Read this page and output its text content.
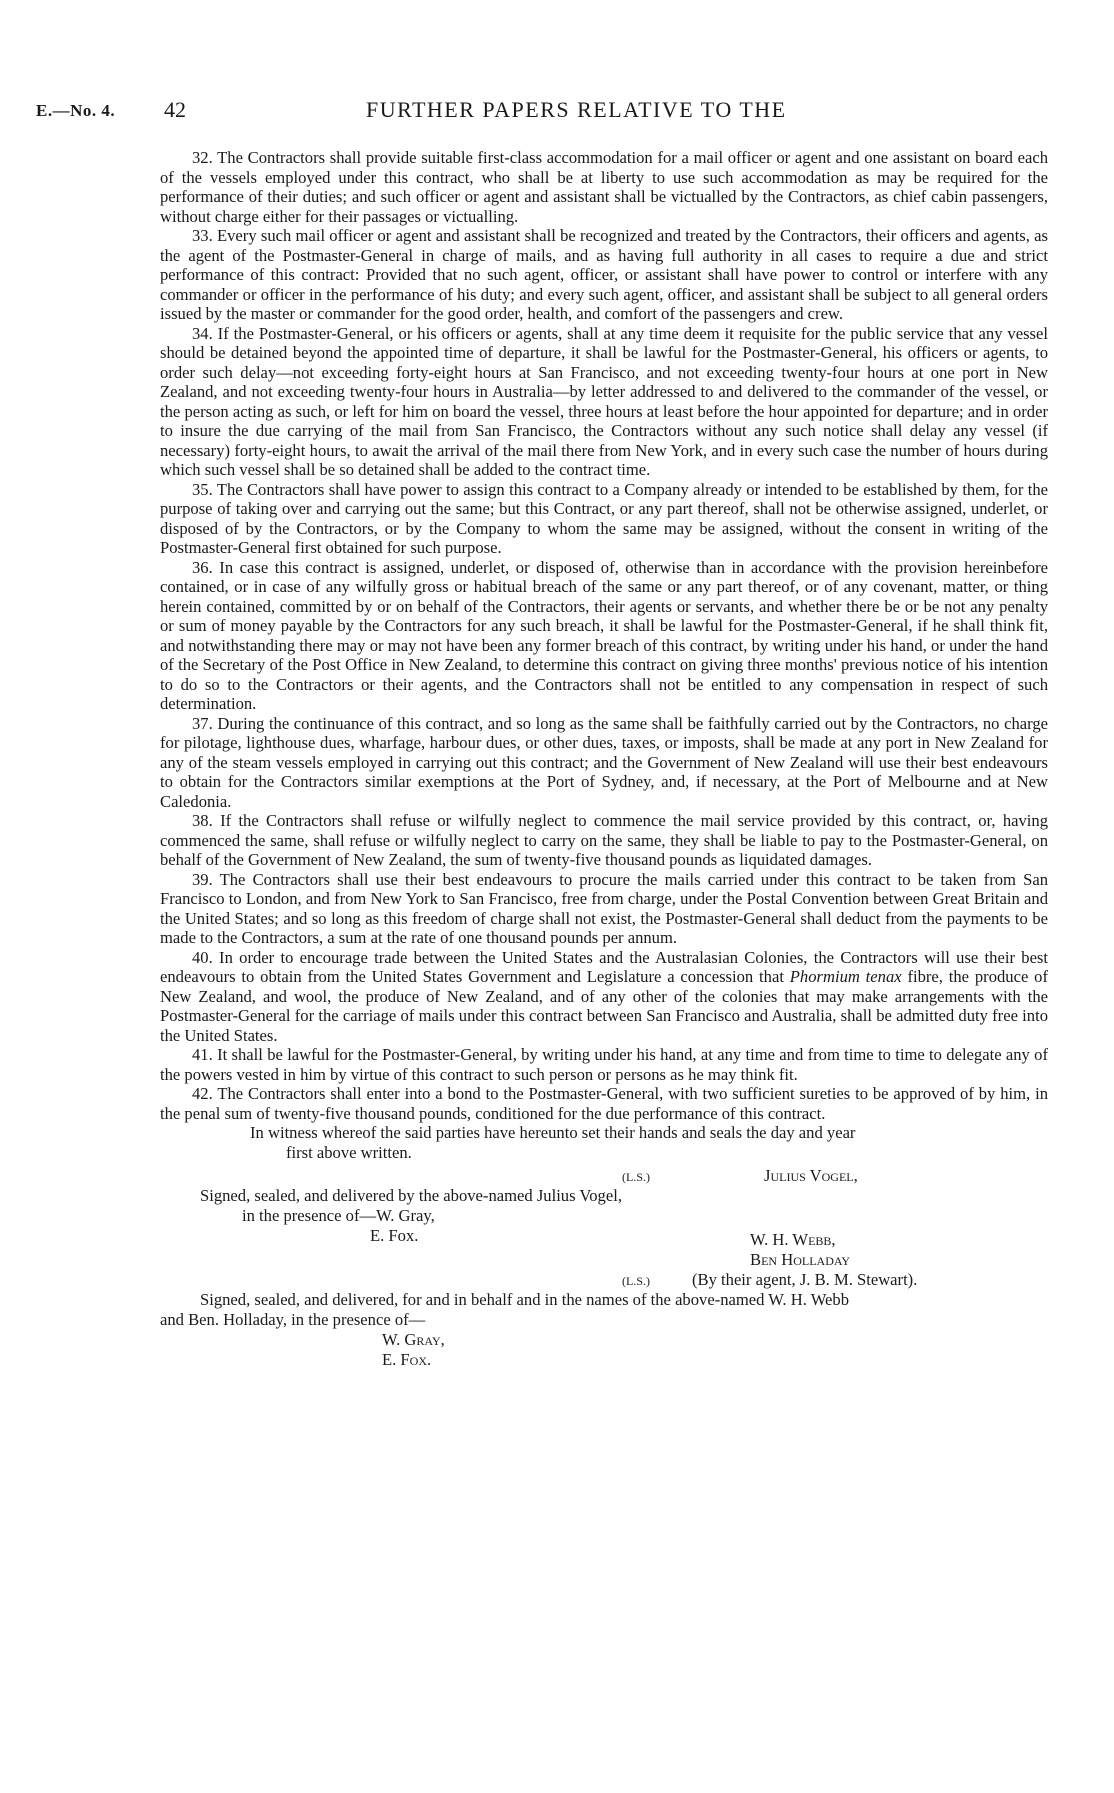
E.—No. 4. 42	FURTHER PAPERS RELATIVE TO THE

32. The Contractors shall provide suitable first-class accommodation for a mail officer or agent and one assistant on board each of the vessels employed under this contract, who shall be at liberty to use such accommodation as may be required for the performance of their duties; and such officer or agent and assistant shall be victualled by the Contractors, as chief cabin passengers, without charge either for their passages or victualling.

33. Every such mail officer or agent and assistant shall be recognized and treated by the Contractors, their officers and agents, as the agent of the Postmaster-General in charge of mails, and as having full authority in all cases to require a due and strict performance of this contract: Provided that no such agent, officer, or assistant shall have power to control or interfere with any commander or officer in the performance of his duty; and every such agent, officer, and assistant shall be subject to all general orders issued by the master or commander for the good order, health, and comfort of the passengers and crew.

34. If the Postmaster-General, or his officers or agents, shall at any time deem it requisite for the public service that any vessel should be detained beyond the appointed time of departure, it shall be lawful for the Postmaster-General, his officers or agents, to order such delay—not exceeding forty-eight hours at San Francisco, and not exceeding twenty-four hours at one port in New Zealand, and not exceeding twenty-four hours in Australia—by letter addressed to and delivered to the commander of the vessel, or the person acting as such, or left for him on board the vessel, three hours at least before the hour appointed for departure; and in order to insure the due carrying of the mail from San Francisco, the Contractors without any such notice shall delay any vessel (if necessary) forty-eight hours, to await the arrival of the mail there from New York, and in every such case the number of hours during which such vessel shall be so detained shall be added to the contract time.

35. The Contractors shall have power to assign this contract to a Company already or intended to be established by them, for the purpose of taking over and carrying out the same; but this Contract, or any part thereof, shall not be otherwise assigned, underlet, or disposed of by the Contractors, or by the Company to whom the same may be assigned, without the consent in writing of the Postmaster-General first obtained for such purpose.

36. In case this contract is assigned, underlet, or disposed of, otherwise than in accordance with the provision hereinbefore contained, or in case of any wilfully gross or habitual breach of the same or any part thereof, or of any covenant, matter, or thing herein contained, committed by or on behalf of the Contractors, their agents or servants, and whether there be or be not any penalty or sum of money payable by the Contractors for any such breach, it shall be lawful for the Postmaster-General, if he shall think fit, and notwithstanding there may or may not have been any former breach of this contract, by writing under his hand, or under the hand of the Secretary of the Post Office in New Zealand, to determine this contract on giving three months' previous notice of his intention to do so to the Contractors or their agents, and the Contractors shall not be entitled to any compensation in respect of such determination.

37. During the continuance of this contract, and so long as the same shall be faithfully carried out by the Contractors, no charge for pilotage, lighthouse dues, wharfage, harbour dues, or other dues, taxes, or imposts, shall be made at any port in New Zealand for any of the steam vessels employed in carrying out this contract; and the Government of New Zealand will use their best endeavours to obtain for the Contractors similar exemptions at the Port of Sydney, and, if necessary, at the Port of Melbourne and at New Caledonia.

38. If the Contractors shall refuse or wilfully neglect to commence the mail service provided by this contract, or, having commenced the same, shall refuse or wilfully neglect to carry on the same, they shall be liable to pay to the Postmaster-General, on behalf of the Government of New Zealand, the sum of twenty-five thousand pounds as liquidated damages.

39. The Contractors shall use their best endeavours to procure the mails carried under this contract to be taken from San Francisco to London, and from New York to San Francisco, free from charge, under the Postal Convention between Great Britain and the United States; and so long as this freedom of charge shall not exist, the Postmaster-General shall deduct from the payments to be made to the Contractors, a sum at the rate of one thousand pounds per annum.

40. In order to encourage trade between the United States and the Australasian Colonies, the Contractors will use their best endeavours to obtain from the United States Government and Legislature a concession that Phormium tenax fibre, the produce of New Zealand, and wool, the produce of New Zealand, and of any other of the colonies that may make arrangements with the Postmaster-General for the carriage of mails under this contract between San Francisco and Australia, shall be admitted duty free into the United States.

41. It shall be lawful for the Postmaster-General, by writing under his hand, at any time and from time to time to delegate any of the powers vested in him by virtue of this contract to such person or persons as he may think fit.

42. The Contractors shall enter into a bond to the Postmaster-General, with two sufficient sureties to be approved of by him, in the penal sum of twenty-five thousand pounds, conditioned for the due performance of this contract.

In witness whereof the said parties have hereunto set their hands and seals the day and year
first above written.

(L.S.)	Julius Vogel,
Signed, sealed, and delivered by the above-named Julius Vogel,
in the presence of—W. Gray,
E. Fox.	W. H. Webb,
Ben Holladay
(L.S.)	(By their agent, J. B. M. Stewart).
Signed, sealed, and delivered, for and in behalf and in the names of the above-named W. H. Webb
and Ben. Holladay, in the presence of—
W. Gray,
E. Fox.
